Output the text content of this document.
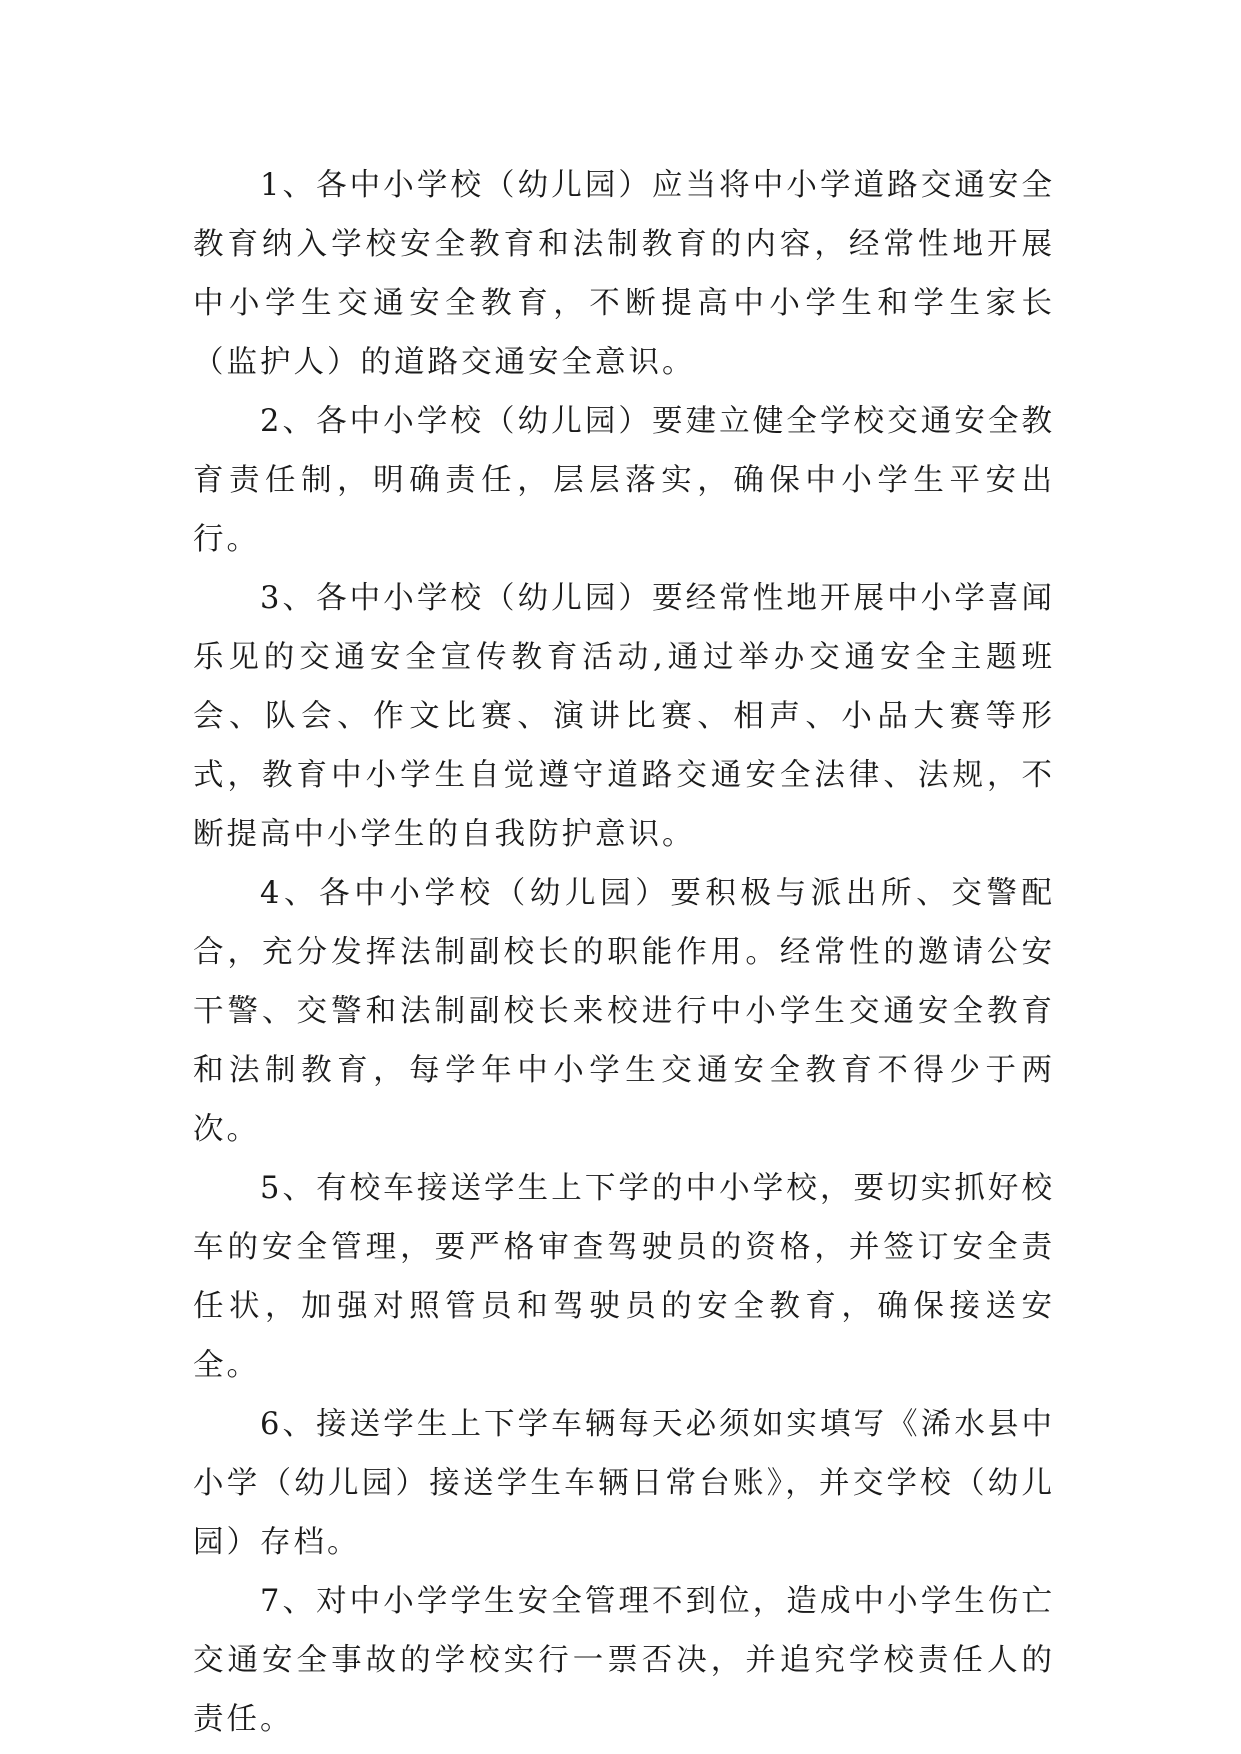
1、各中小学校（幼儿园）应当将中小学道路交通安全教育纳入学校安全教育和法制教育的内容，经常性地开展中小学生交通安全教育，不断提高中小学生和学生家长（监护人）的道路交通安全意识。

2、各中小学校（幼儿园）要建立健全学校交通安全教育责任制，明确责任，层层落实，确保中小学生平安出行。

3、各中小学校（幼儿园）要经常性地开展中小学喜闻乐见的交通安全宣传教育活动,通过举办交通安全主题班会、队会、作文比赛、演讲比赛、相声、小品大赛等形式，教育中小学生自觉遵守道路交通安全法律、法规，不断提高中小学生的自我防护意识。

4、各中小学校（幼儿园）要积极与派出所、交警配合，充分发挥法制副校长的职能作用。经常性的邀请公安干警、交警和法制副校长来校进行中小学生交通安全教育和法制教育，每学年中小学生交通安全教育不得少于两次。

5、有校车接送学生上下学的中小学校，要切实抓好校车的安全管理，要严格审查驾驶员的资格，并签订安全责任状，加强对照管员和驾驶员的安全教育，确保接送安全。

6、接送学生上下学车辆每天必须如实填写《浠水县中小学（幼儿园）接送学生车辆日常台账》，并交学校（幼儿园）存档。

7、对中小学学生安全管理不到位，造成中小学生伤亡交通安全事故的学校实行一票否决，并追究学校责任人的责任。
